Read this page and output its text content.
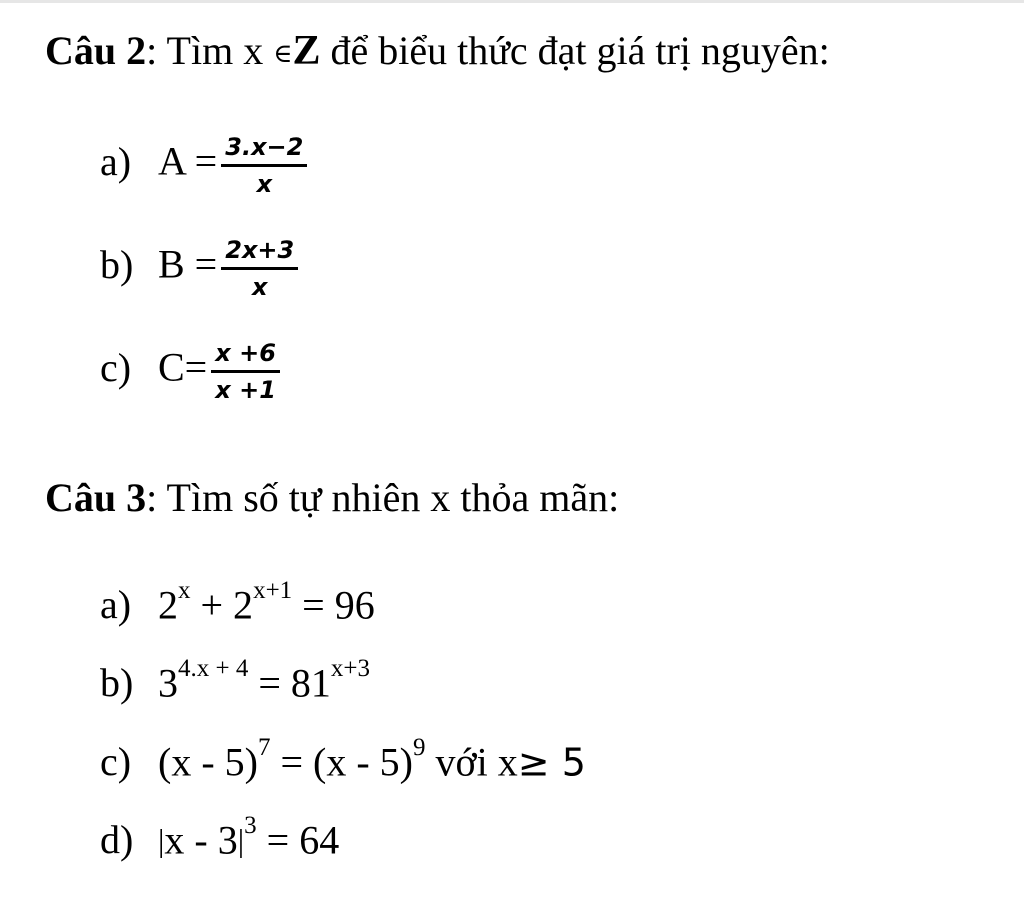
Câu 2: Tìm x ∈Z để biểu thức đạt giá trị nguyên:
a) $A = \frac{3.x-2}{x}$
b) $B = \frac{2x+3}{x}$
c) $C= \frac{x +6}{x +1}$
Câu 3: Tìm số tự nhiên x thỏa mãn:
a) $2^x + 2^{x+1} = 96$
b) $3^{4.x + 4} = 81^{x+3}$
c) (x - 5)$^7$ = (x - 5)$^9$ với x≥ 5
d) $|x - 3|^3 = 64$
